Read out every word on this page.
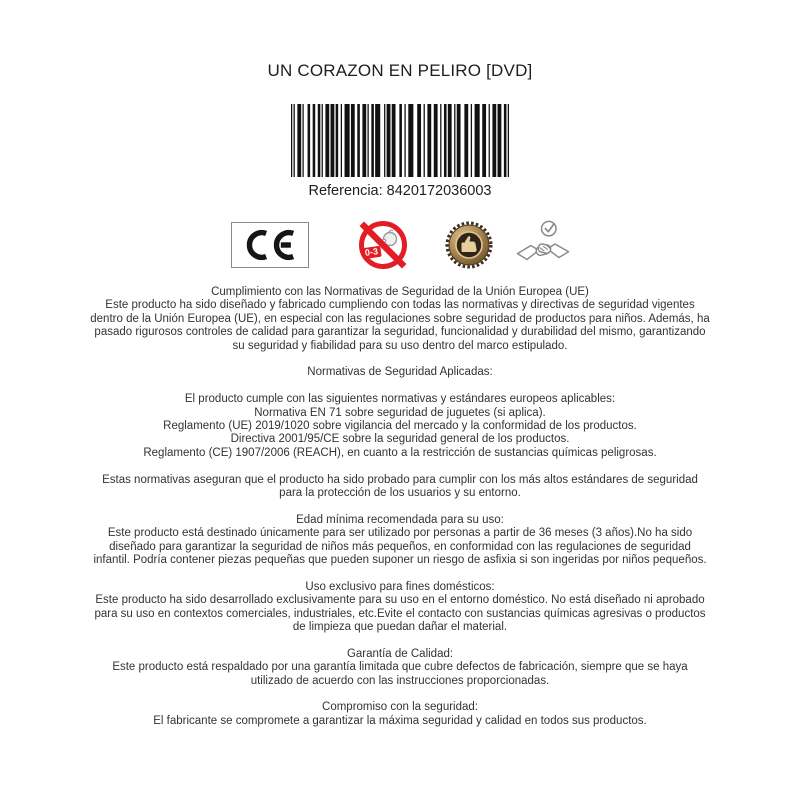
UN CORAZON EN PELIRO [DVD]
Referencia: 8420172036003
0-3
Cumplimiento con las Normativas de Seguridad de la Unión Europea (UE)
Este producto ha sido diseñado y fabricado cumpliendo con todas las normativas y directivas de seguridad vigentes dentro de la Unión Europea (UE), en especial con las regulaciones sobre seguridad de productos para niños. Además, ha pasado rigurosos controles de calidad para garantizar la seguridad, funcionalidad y durabilidad del mismo, garantizando su seguridad y fiabilidad para su uso dentro del marco estipulado.
Normativas de Seguridad Aplicadas:
El producto cumple con las siguientes normativas y estándares europeos aplicables:
Normativa EN 71 sobre seguridad de juguetes (si aplica).
Reglamento (UE) 2019/1020 sobre vigilancia del mercado y la conformidad de los productos.
Directiva 2001/95/CE sobre la seguridad general de los productos.
Reglamento (CE) 1907/2006 (REACH), en cuanto a la restricción de sustancias químicas peligrosas.
Estas normativas aseguran que el producto ha sido probado para cumplir con los más altos estándares de seguridad para la protección de los usuarios y su entorno.
Edad mínima recomendada para su uso:
Este producto está destinado únicamente para ser utilizado por personas a partir de 36 meses (3 años).No ha sido diseñado para garantizar la seguridad de niños más pequeños, en conformidad con las regulaciones de seguridad infantil. Podría contener piezas pequeñas que pueden suponer un riesgo de asfixia si son ingeridas por niños pequeños.
Uso exclusivo para fines domésticos:
Este producto ha sido desarrollado exclusivamente para su uso en el entorno doméstico. No está diseñado ni aprobado para su uso en contextos comerciales, industriales, etc.Evite el contacto con sustancias químicas agresivas o productos de limpieza que puedan dañar el material.
Garantía de Calidad:
Este producto está respaldado por una garantía limitada que cubre defectos de fabricación, siempre que se haya utilizado de acuerdo con las instrucciones proporcionadas.
Compromiso con la seguridad:
El fabricante se compromete a garantizar la máxima seguridad y calidad en todos sus productos.
